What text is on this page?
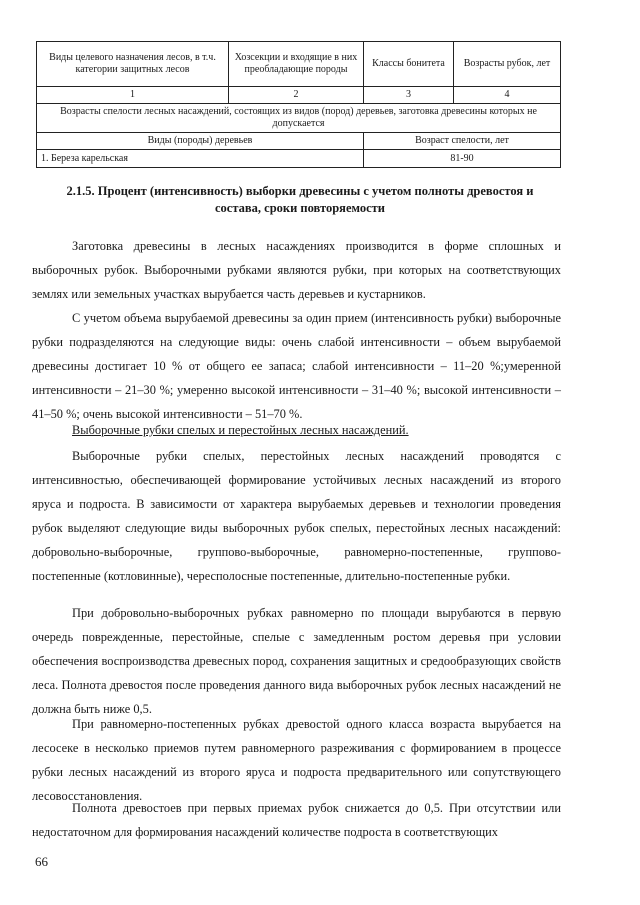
Виды целевого назначения лесов, в т.ч. категории защитных лесов	Хозсекции и входящие в них преобладающие породы	Классы бонитета	Возрасты рубок, лет
1	2	3	4
Возрасты спелости лесных насаждений, состоящих из видов (пород) деревьев, заготовка древесины которых не допускается			
Виды (породы) деревьев		Возраст спелости, лет	
1. Береза карельская		81-90	
2.1.5. Процент (интенсивность) выборки древесины с учетом полноты древостоя и состава, сроки повторяемости

Заготовка древесины в лесных насаждениях производится в форме сплошных и выборочных рубок. Выборочными рубками являются рубки, при которых на соответствующих землях или земельных участках вырубается часть деревьев и кустарников.

С учетом объема вырубаемой древесины за один прием (интенсивность рубки) выборочные рубки подразделяются на следующие виды: очень слабой интенсивности – объем вырубаемой древесины достигает 10 % от общего ее запаса; слабой интенсивности – 11–20 %;умеренной интенсивности – 21–30 %; умеренно высокой интенсивности – 31–40 %; высокой интенсивности – 41–50 %; очень высокой интенсивности – 51–70 %.

Выборочные рубки спелых и перестойных лесных насаждений.

Выборочные рубки спелых, перестойных лесных насаждений проводятся с интенсивностью, обеспечивающей формирование устойчивых лесных насаждений из второго яруса и подроста. В зависимости от характера вырубаемых деревьев и технологии проведения рубок выделяют следующие виды выборочных рубок спелых, перестойных лесных насаждений: добровольно-выборочные, группово-выборочные, равномерно-постепенные, группово-постепенные (котловинные), чересполосные постепенные, длительно-постепенные рубки.

При добровольно-выборочных рубках равномерно по площади вырубаются в первую очередь поврежденные, перестойные, спелые с замедленным ростом деревья при условии обеспечения воспроизводства древесных пород, сохранения защитных и средообразующих свойств леса. Полнота древостоя после проведения данного вида выборочных рубок лесных насаждений не должна быть ниже 0,5.

При равномерно-постепенных рубках древостой одного класса возраста вырубается на лесосеке в несколько приемов путем равномерного разреживания с формированием в процессе рубки лесных насаждений из второго яруса и подроста предварительного или сопутствующего лесовосстановления.

Полнота древостоев при первых приемах рубок снижается до 0,5. При отсутствии или недостаточном для формирования насаждений количестве подроста в соответствующих

66
